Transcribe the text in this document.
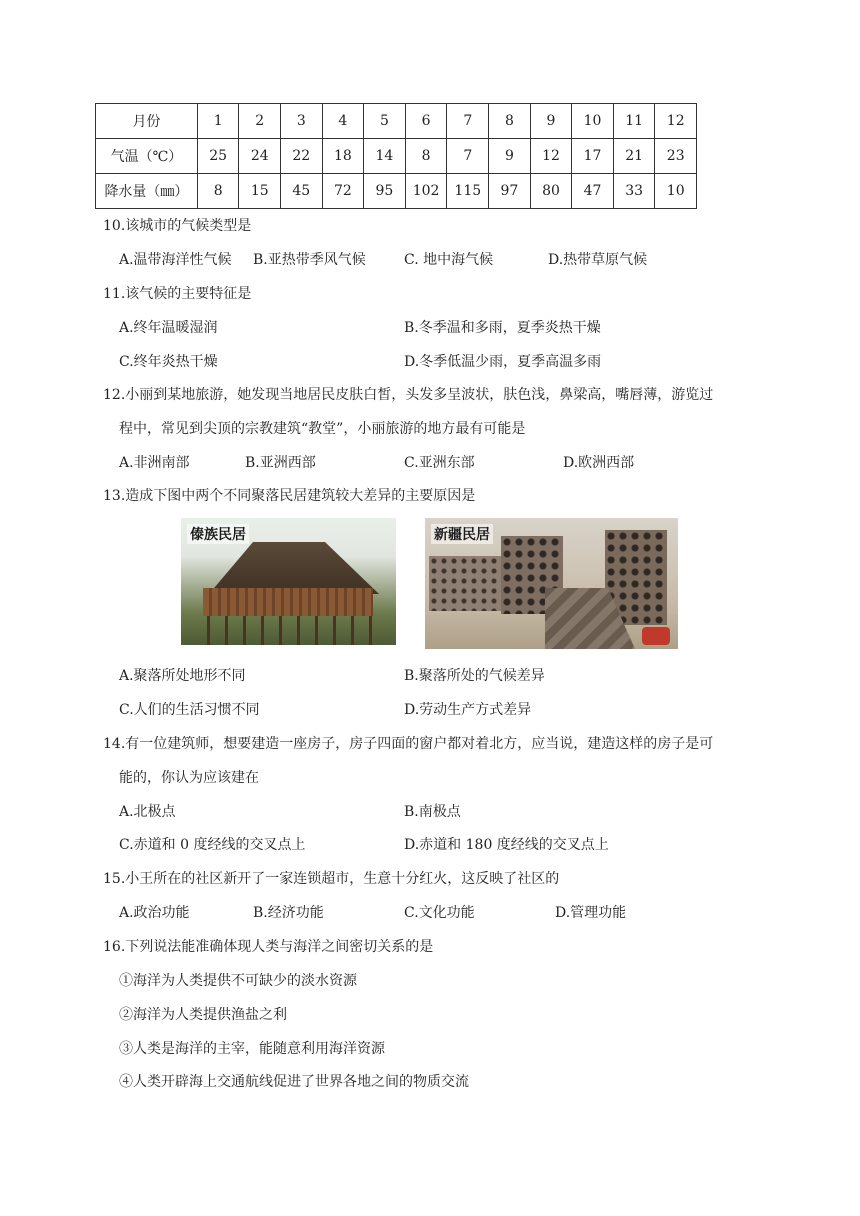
月份	1	2	3	4	5	6	7	8	9	10	11	12
气温（℃）	25	24	22	18	14	8	7	9	12	17	21	23
降水量（㎜）	8	15	45	72	95	102	115	97	80	47	33	10
10.该城市的气候类型是
A.温带海洋性气候 B.亚热带季风气候	C. 地中海气候	D.热带草原气候
11.该气候的主要特征是
A.终年温暖湿润	B.冬季温和多雨，夏季炎热干燥
C.终年炎热干燥	D.冬季低温少雨，夏季高温多雨
12.小丽到某地旅游，她发现当地居民皮肤白皙，头发多呈波状，肤色浅，鼻梁高，嘴唇薄，游览过
程中，常见到尖顶的宗教建筑“教堂”，小丽旅游的地方最有可能是
A.非洲南部	B.亚洲西部	C.亚洲东部	D.欧洲西部
13.造成下图中两个不同聚落民居建筑较大差异的主要原因是
傣族民居	新疆民居
A.聚落所处地形不同	B.聚落所处的气候差异
C.人们的生活习惯不同	D.劳动生产方式差异
14.有一位建筑师，想要建造一座房子，房子四面的窗户都对着北方，应当说，建造这样的房子是可
能的，你认为应该建在
A.北极点	B.南极点
C.赤道和 0 度经线的交叉点上	D.赤道和 180 度经线的交叉点上
15.小王所在的社区新开了一家连锁超市，生意十分红火，这反映了社区的
A.政治功能	B.经济功能	C.文化功能	D.管理功能
16.下列说法能准确体现人类与海洋之间密切关系的是
①海洋为人类提供不可缺少的淡水资源
②海洋为人类提供渔盐之利
③人类是海洋的主宰，能随意利用海洋资源
④人类开辟海上交通航线促进了世界各地之间的物质交流
